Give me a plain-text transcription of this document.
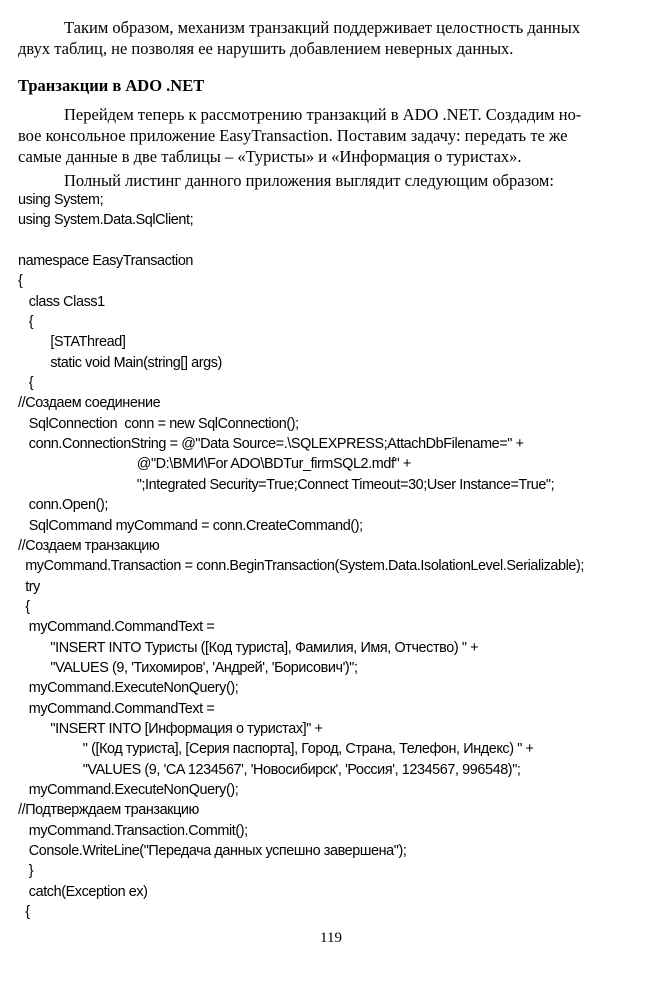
Таким образом, механизм транзакций поддерживает целостность данных
двух таблиц, не позволяя ее нарушить добавлением неверных данных.

Транзакции в ADO .NET

Перейдем теперь к рассмотрению транзакций в ADO .NET. Создадим но-
вое консольное приложение EasyTransaction. Поставим задачу: передать те же
самые данные в две таблицы – «Туристы» и «Информация о туристах».

Полный листинг данного приложения выглядит следующим образом:

using System;
using System.Data.SqlClient;
namespace EasyTransaction
{
class Class1
{
[STAThread]
static void Main(string[] args)
{
//Создаем соединение
SqlConnection  conn = new SqlConnection();
conn.ConnectionString = @"Data Source=.\SQLEXPRESS;AttachDbFilename=" +
@"D:\ВМИ\For ADO\BDTur_firmSQL2.mdf" +
";Integrated Security=True;Connect Timeout=30;User Instance=True";
conn.Open();
SqlCommand myCommand = conn.CreateCommand();
//Создаем транзакцию
myCommand.Transaction = conn.BeginTransaction(System.Data.IsolationLevel.Serializable);
try
{
myCommand.CommandText =
"INSERT INTO Туристы ([Код туриста], Фамилия, Имя, Отчество) " +
"VALUES (9, 'Тихомиров', 'Андрей', 'Борисович')";
myCommand.ExecuteNonQuery();
myCommand.CommandText =
"INSERT INTO [Информация о туристах]" +
" ([Код туриста], [Серия паспорта], Город, Страна, Телефон, Индекс) " +
"VALUES (9, 'CA 1234567', 'Новосибирск', 'Россия', 1234567, 996548)";
myCommand.ExecuteNonQuery();
//Подтверждаем транзакцию
myCommand.Transaction.Commit();
Console.WriteLine("Передача данных успешно завершена");
}
catch(Exception ex)
{
119
